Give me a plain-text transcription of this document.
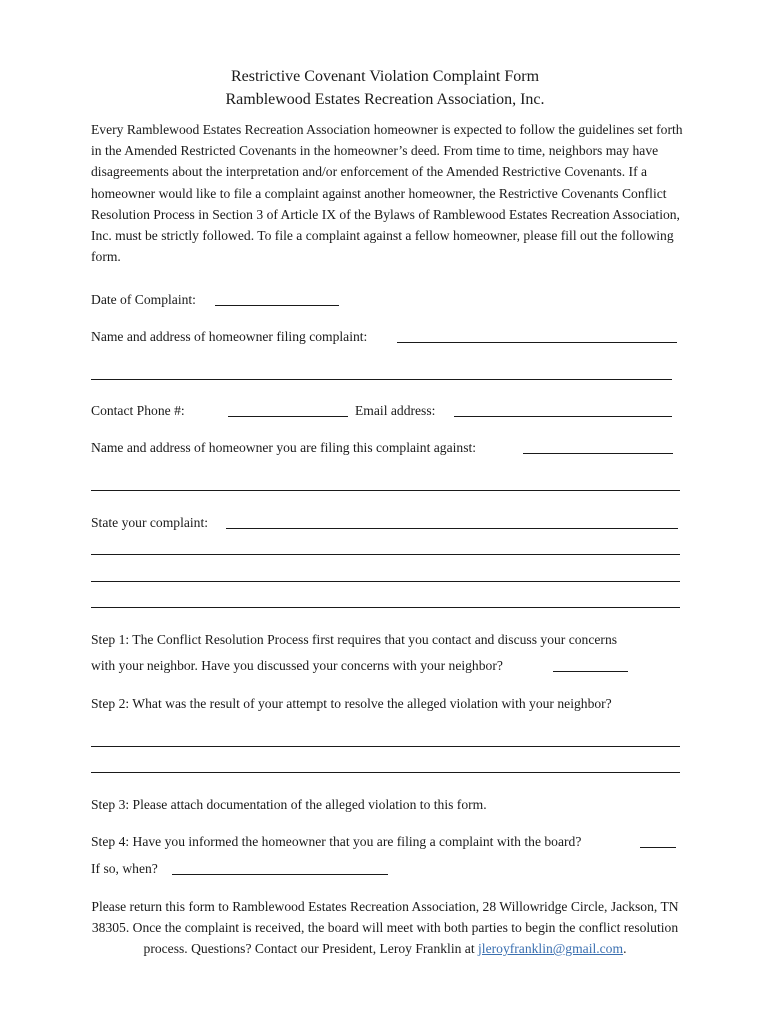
Restrictive Covenant Violation Complaint Form
Ramblewood Estates Recreation Association, Inc.

Every Ramblewood Estates Recreation Association homeowner is expected to follow the guidelines set forth in the Amended Restricted Covenants in the homeowner’s deed. From time to time, neighbors may have disagreements about the interpretation and/or enforcement of the Amended Restrictive Covenants. If a homeowner would like to file a complaint against another homeowner, the Restrictive Covenants Conflict Resolution Process in Section 3 of Article IX of the Bylaws of Ramblewood Estates Recreation Association, Inc. must be strictly followed. To file a complaint against a fellow homeowner, please fill out the following form.

Date of Complaint:
Name and address of homeowner filing complaint:
Contact Phone #:	Email address:
Name and address of homeowner you are filing this complaint against:
State your complaint:
Step 1: The Conflict Resolution Process first requires that you contact and discuss your concerns
with your neighbor. Have you discussed your concerns with your neighbor?
Step 2: What was the result of your attempt to resolve the alleged violation with your neighbor?
Step 3: Please attach documentation of the alleged violation to this form.
Step 4: Have you informed the homeowner that you are filing a complaint with the board?
If so, when?

Please return this form to Ramblewood Estates Recreation Association, 28 Willowridge Circle, Jackson, TN 38305. Once the complaint is received, the board will meet with both parties to begin the conflict resolution process. Questions? Contact our President, Leroy Franklin at jleroyfranklin@gmail.com.
